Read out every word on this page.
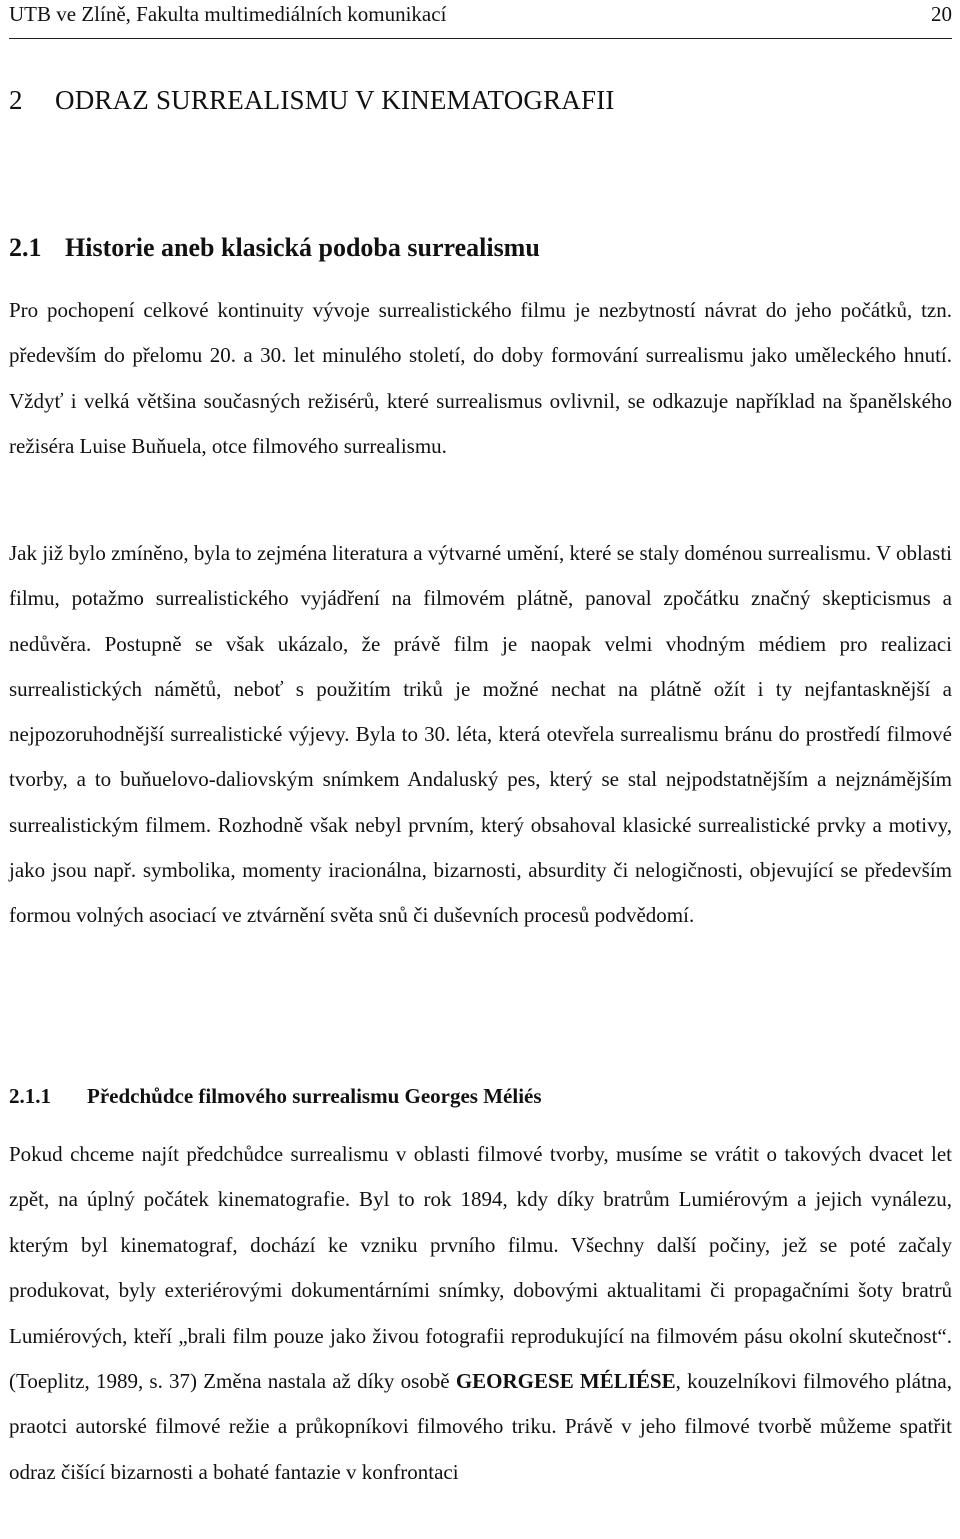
UTB ve Zlíně, Fakulta multimediálních komunikací	20
2 ODRAZ SURREALISMU V KINEMATOGRAFII
2.1 Historie aneb klasická podoba surrealismu

Pro pochopení celkové kontinuity vývoje surrealistického filmu je nezbytností návrat do jeho počátků, tzn. především do přelomu 20. a 30. let minulého století, do doby formování surrealismu jako uměleckého hnutí. Vždyť i velká většina současných režisérů, které surrealismus ovlivnil, se odkazuje například na španělského režiséra Luise Buňuela, otce filmového surrealismu.

Jak již bylo zmíněno, byla to zejména literatura a výtvarné umění, které se staly doménou surrealismu. V oblasti filmu, potažmo surrealistického vyjádření na filmovém plátně, panoval zpočátku značný skepticismus a nedůvěra. Postupně se však ukázalo, že právě film je naopak velmi vhodným médiem pro realizaci surrealistických námětů, neboť s použitím triků je možné nechat na plátně ožít i ty nejfantasknější a nejpozoruhodnější surrealistické výjevy. Byla to 30. léta, která otevřela surrealismu bránu do prostředí filmové tvorby, a to buňuelovo-daliovským snímkem Andaluský pes, který se stal nejpodstatnějším a nejznámějším surrealistickým filmem. Rozhodně však nebyl prvním, který obsahoval klasické surrealistické prvky a motivy, jako jsou např. symbolika, momenty iracionálna, bizarnosti, absurdity či nelogičnosti, objevující se především formou volných asociací ve ztvárnění světa snů či duševních procesů podvědomí.

2.1.1 Předchůdce filmového surrealismu Georges Méliés

Pokud chceme najít předchůdce surrealismu v oblasti filmové tvorby, musíme se vrátit o takových dvacet let zpět, na úplný počátek kinematografie. Byl to rok 1894, kdy díky bratrům Lumiérovým a jejich vynálezu, kterým byl kinematograf, dochází ke vzniku prvního filmu. Všechny další počiny, jež se poté začaly produkovat, byly exteriérovými dokumentárními snímky, dobovými aktualitami či propagačními šoty bratrů Lumiérových, kteří „brali film pouze jako živou fotografii reprodukující na filmovém pásu okolní skutečnost“. (Toeplitz, 1989, s. 37) Změna nastala až díky osobě GEORGESE MÉLIÉSE, kouzelníkovi filmového plátna, praotci autorské filmové režie a průkopníkovi filmového triku. Právě v jeho filmové tvorbě můžeme spatřit odraz čišící bizarnosti a bohaté fantazie v konfrontaci
